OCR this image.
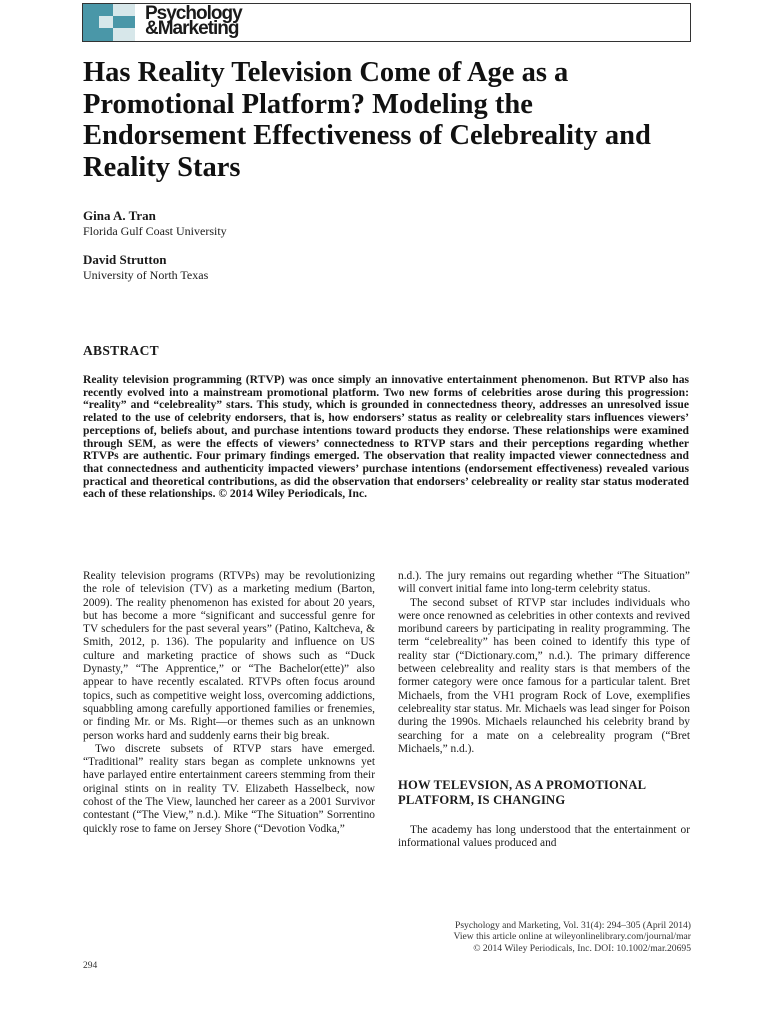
Psychology
&Marketing
Has Reality Television Come of Age as a Promotional Platform? Modeling the Endorsement Effectiveness of Celebreality and Reality Stars
Gina A. Tran
Florida Gulf Coast University
David Strutton
University of North Texas
ABSTRACT

Reality television programming (RTVP) was once simply an innovative entertainment phenomenon. But RTVP also has recently evolved into a mainstream promotional platform. Two new forms of celebrities arose during this progression: “reality” and “celebreality” stars. This study, which is grounded in connectedness theory, addresses an unresolved issue related to the use of celebrity endorsers, that is, how endorsers’ status as reality or celebreality stars influences viewers’ perceptions of, beliefs about, and purchase intentions toward products they endorse. These relationships were examined through SEM, as were the effects of viewers’ connectedness to RTVP stars and their perceptions regarding whether RTVPs are authentic. Four primary findings emerged. The observation that reality impacted viewer connectedness and that connectedness and authenticity impacted viewers’ purchase intentions (endorsement effectiveness) revealed various practical and theoretical contributions, as did the observation that endorsers’ celebreality or reality star status moderated each of these relationships. © 2014 Wiley Periodicals, Inc.

Reality television programs (RTVPs) may be revolutionizing the role of television (TV) as a marketing medium (Barton, 2009). The reality phenomenon has existed for about 20 years, but has become a more “significant and successful genre for TV schedulers for the past several years” (Patino, Kaltcheva, & Smith, 2012, p. 136). The popularity and influence on US culture and marketing practice of shows such as “Duck Dynasty,” “The Apprentice,” or “The Bachelor(ette)” also appear to have recently escalated. RTVPs often focus around topics, such as competitive weight loss, overcoming addictions, squabbling among carefully apportioned families or frenemies, or finding Mr. or Ms. Right—or themes such as an unknown person works hard and suddenly earns their big break.

Two discrete subsets of RTVP stars have emerged. “Traditional” reality stars began as complete unknowns yet have parlayed entire entertainment careers stemming from their original stints on in reality TV. Elizabeth Hasselbeck, now cohost of the The View, launched her career as a 2001 Survivor contestant (“The View,” n.d.). Mike “The Situation” Sorrentino quickly rose to fame on Jersey Shore (“Devotion Vodka,”

n.d.). The jury remains out regarding whether “The Situation” will convert initial fame into long-term celebrity status.

The second subset of RTVP star includes individuals who were once renowned as celebrities in other contexts and revived moribund careers by participating in reality programming. The term “celebreality” has been coined to identify this type of reality star (“Dictionary.com,” n.d.). The primary difference between celebreality and reality stars is that members of the former category were once famous for a particular talent. Bret Michaels, from the VH1 program Rock of Love, exemplifies celebreality star status. Mr. Michaels was lead singer for Poison during the 1990s. Michaels relaunched his celebrity brand by searching for a mate on a celebreality program (“Bret Michaels,” n.d.).

HOW TELEVSION, AS A PROMOTIONAL PLATFORM, IS CHANGING

The academy has long understood that the entertainment or informational values produced and

Psychology and Marketing, Vol. 31(4): 294–305 (April 2014)
View this article online at wileyonlinelibrary.com/journal/mar
© 2014 Wiley Periodicals, Inc. DOI: 10.1002/mar.20695
294
